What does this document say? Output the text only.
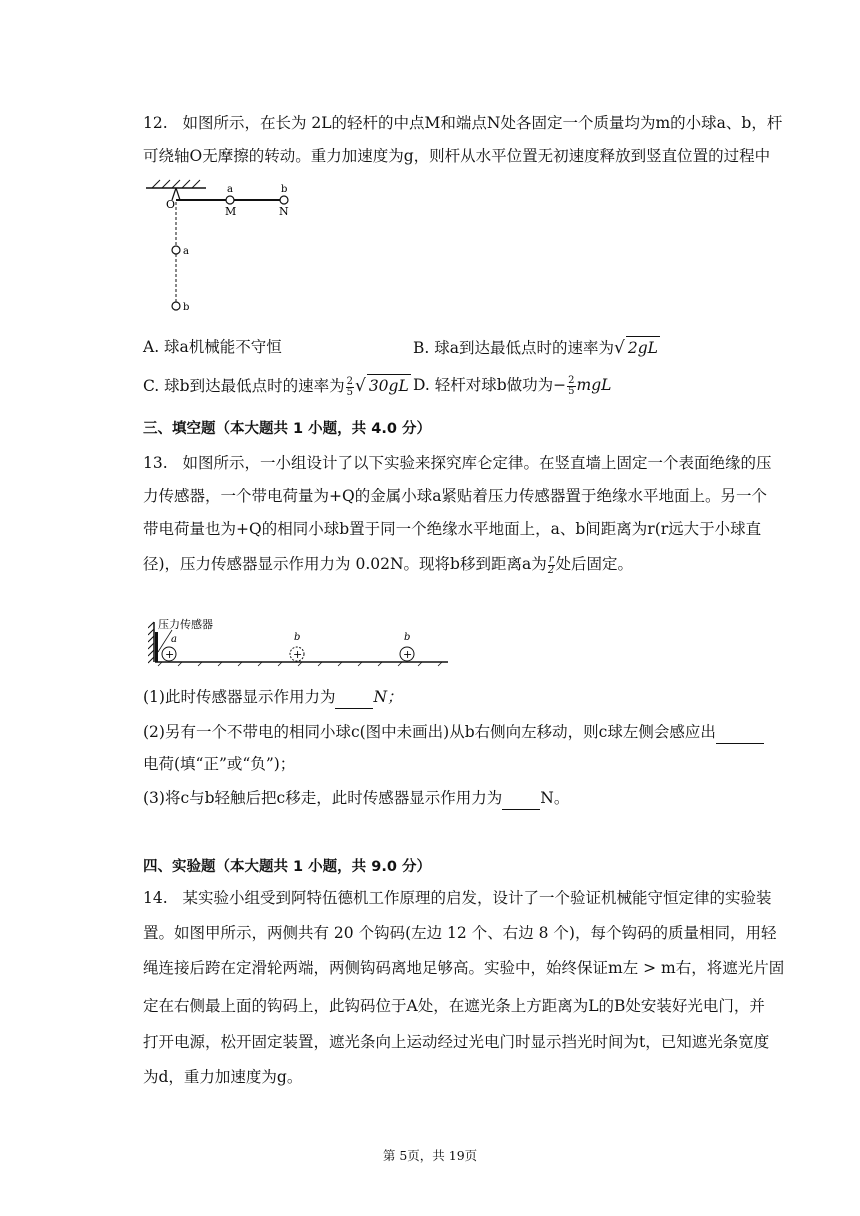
12. 如图所示，在长为 2L的轻杆的中点M和端点N处各固定一个质量均为m的小球a、b，杆
可绕轴O无摩擦的转动。重力加速度为g，则杆从水平位置无初速度释放到竖直位置的过程中
O
a	b
M	N
a
b
A. 球a机械能不守恒	B. 球a到达最低点时的速率为√ 2gL
C. 球b到达最低点时的速率为 $\frac{2}{5}$ √ 30gL D. 轻杆对球b做功为− $\frac{2}{5}$ mgL
三、填空题（本大题共 1 小题，共 4.0 分）
13. 如图所示，一小组设计了以下实验来探究库仑定律。在竖直墙上固定一个表面绝缘的压
力传感器，一个带电荷量为+Q的金属小球a紧贴着压力传感器置于绝缘水平地面上。另一个
带电荷量也为+Q的相同小球b置于同一个绝缘水平地面上，a、b间距离为r(r远大于小球直
径)，压力传感器显示作用力为 0.02N。现将b移到距离a为 $\frac{r}{2}$ 处后固定。
压力传感器
+
a
+
b
+
b
(1)此时传感器显示作用力为 N；
(2)另有一个不带电的相同小球c(图中未画出)从b右侧向左移动，则c球左侧会感应出
电荷(填“正”或“负”)；
(3)将c与b轻触后把c移走，此时传感器显示作用力为 N。
四、实验题（本大题共 1 小题，共 9.0 分）
14. 某实验小组受到阿特伍德机工作原理的启发，设计了一个验证机械能守恒定律的实验装
置。如图甲所示，两侧共有 20 个钩码(左边 12 个、右边 8 个)，每个钩码的质量相同，用轻
绳连接后跨在定滑轮两端，两侧钩码离地足够高。实验中，始终保证m左 > m右，将遮光片固
定在右侧最上面的钩码上，此钩码位于A处，在遮光条上方距离为L的B处安装好光电门，并
打开电源，松开固定装置，遮光条向上运动经过光电门时显示挡光时间为t，已知遮光条宽度
为d，重力加速度为g。
第 5页，共 19页
